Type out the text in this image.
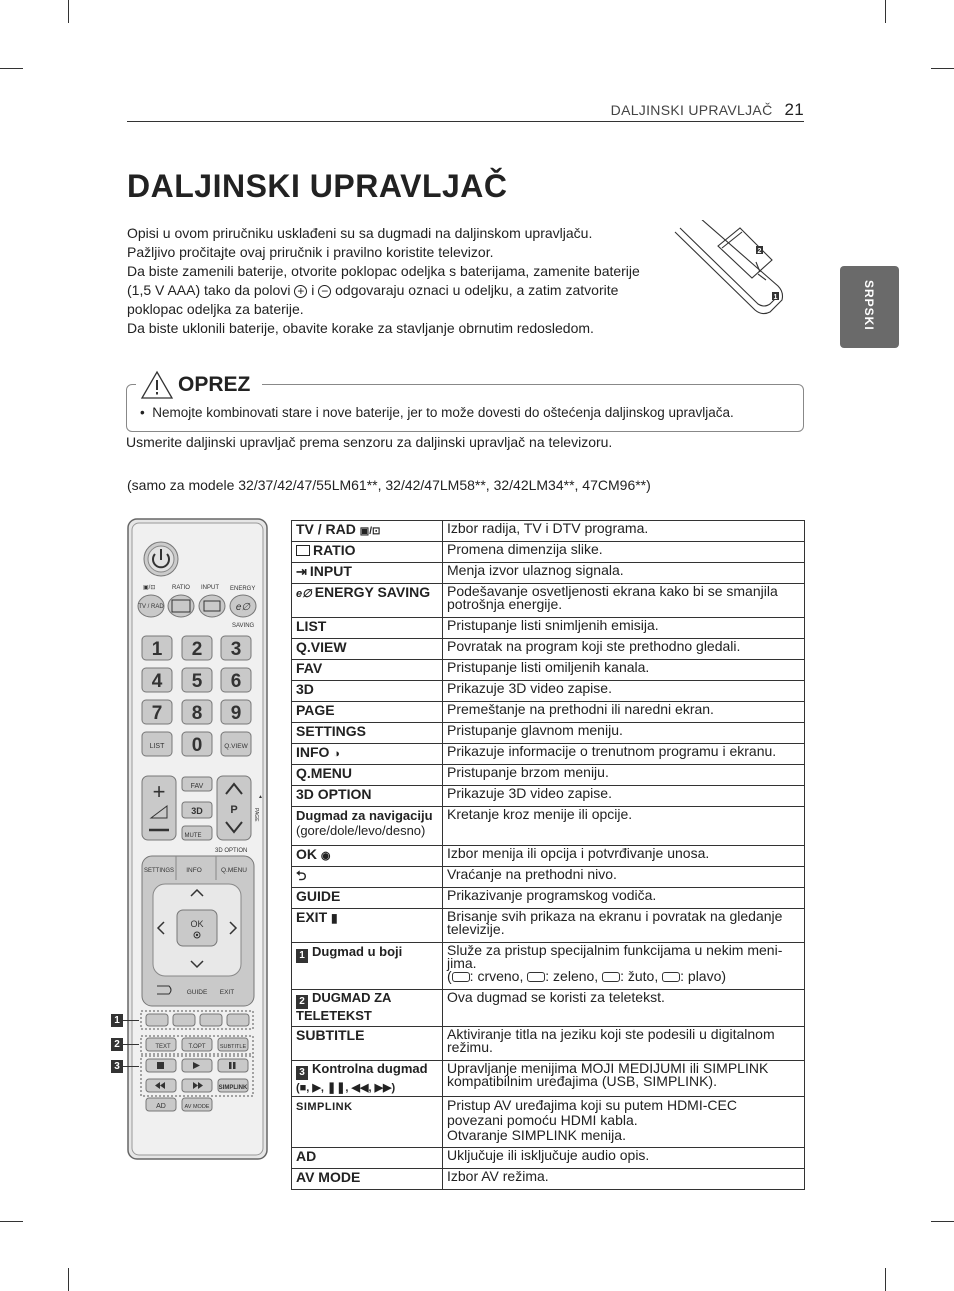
DALJINSKI UPRAVLJAČ 21
SRPSKI
DALJINSKI UPRAVLJAČ

Opisi u ovom priručniku usklađeni su sa dugmadi na daljinskom upravljaču.

Pažljivo pročitajte ovaj priručnik i pravilno koristite televizor.

Da biste zamenili baterije, otvorite poklopac odeljka s baterijama, zamenite baterije

(1,5 V AAA) tako da polovi + i − odgovaraju oznaci u odeljku, a zatim zatvorite

poklopac odeljka za baterije.

Da biste uklonili baterije, obavite korake za stavljanje obrnutim redosledom.

2
1
OPREZ
•  Nemojte kombinovati stare i nove baterije, jer to može dovesti do oštećenja daljinskog upravljača.
Usmerite daljinski upravljač prema senzoru za daljinski upravljač na televizoru.
(samo za modele 32/37/42/47/55LM61**, 32/42/47LM58**, 32/42LM34**, 47CM96**)
▣/⊡	RATIO INPUT ENERGY
TV / RAD	e∅
SAVING
1 2 3
4 5 6
7 8 9
0
LIST	Q.VIEW
+
P
▲
PAGE
FAV
3D
MUTE
3D OPTION
SETTINGS INFO	Q.MENU
OK
GUIDE EXIT
TEXT	T.OPT	SUBTITLE
SIMPLINK
AD	AV MODE
1
2
3
TV / RAD ▣/⊡	Izbor radija, TV i DTV programa.
RATIO	Promena dimenzija slike.
⇥ INPUT	Menja izvor ulaznog signala.
e∅ ENERGY SAVING	Podešavanje osvetljenosti ekrana kako bi se smanjila potrošnja energije.
LIST	Pristupanje listi snimljenih emisija.
Q.VIEW	Povratak na program koji ste prethodno gledali.
FAV	Pristupanje listi omiljenih kanala.
3D	Prikazuje 3D video zapise.
PAGE	Premeštanje na prethodni ili naredni ekran.
SETTINGS	Pristupanje glavnom meniju.
INFO ◑	Prikazuje informacije o trenutnom programu i ekranu.
Q.MENU	Pristupanje brzom meniju.
3D OPTION	Prikazuje 3D video zapise.
Dugmad za navigaciju
(gore/dole/levo/desno)	Kretanje kroz menije ili opcije.
OK ◉	Izbor menija ili opcija i potvrđivanje unosa.
⮌	Vraćanje na prethodni nivo.
GUIDE	Prikazivanje programskog vodiča.
EXIT ▮	Brisanje svih prikaza na ekranu i povratak na gledanje televizije.
1 Dugmad u boji	Služe za pristup specijalnim funkcijama u nekim meni-jima.
( : crveno, : zeleno, : žuto, : plavo)
2 DUGMAD ZA TELETEKST	Ova dugmad se koristi za teletekst.
SUBTITLE	Aktiviranje titla na jeziku koji ste podesili u digitalnom režimu.
3 Kontrolna dugmad
(■, ▶, ❚❚, ◀◀, ▶▶)	Upravljanje menijima MOJI MEDIJUMI ili SIMPLINK kompatibilnim uređajima (USB, SIMPLINK).
SIMPLINK	Pristup AV uređajima koji su putem HDMI-CEC
povezani pomoću HDMI kabla.
Otvaranje SIMPLINK menija.
AD	Uključuje ili isključuje audio opis.
AV MODE	Izbor AV režima.
